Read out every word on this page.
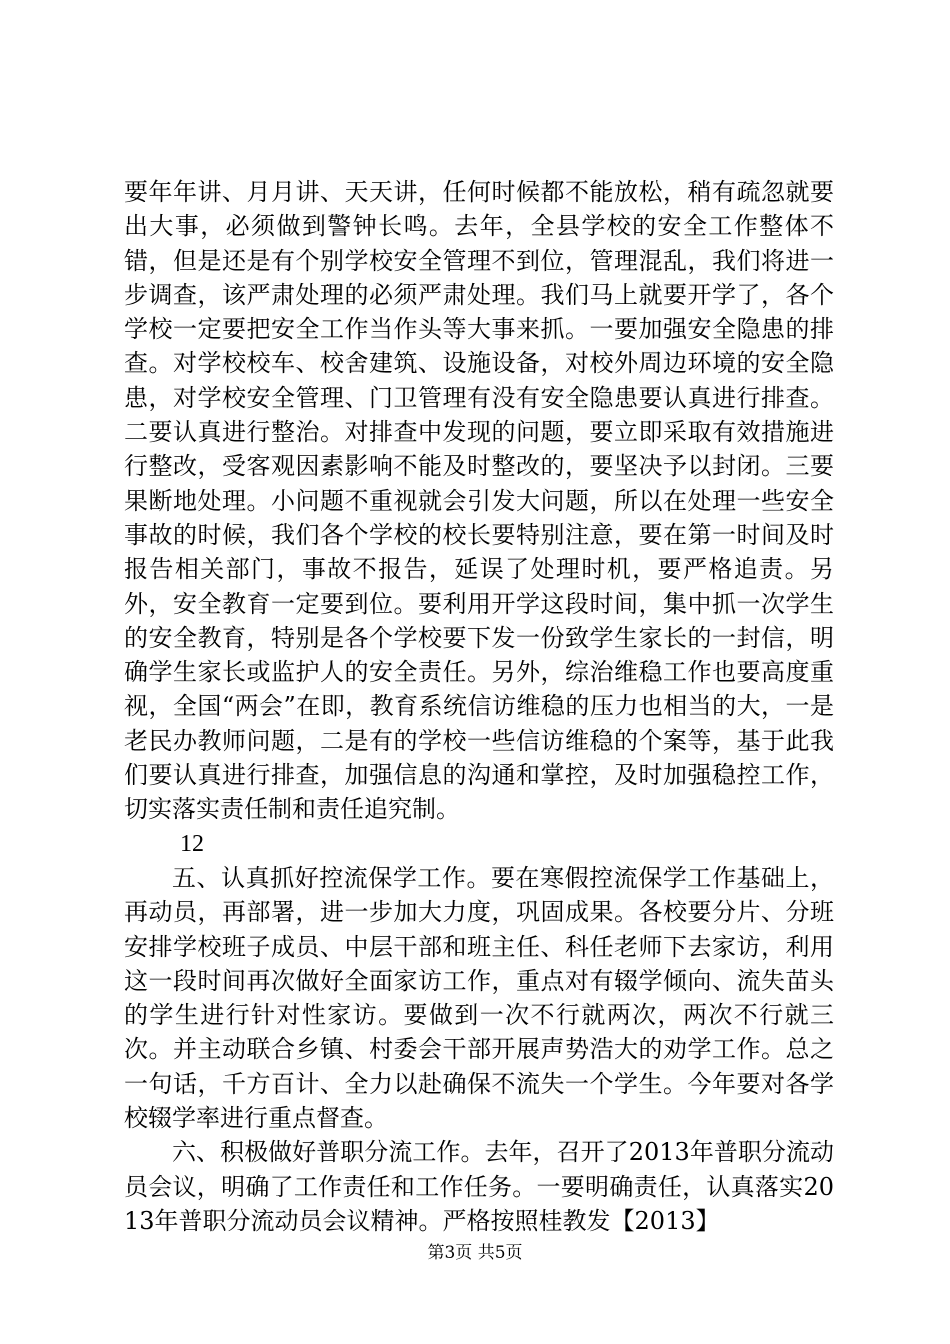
要年年讲、月月讲、天天讲，任何时候都不能放松，稍有疏忽就要出大事，必须做到警钟长鸣。去年，全县学校的安全工作整体不错，但是还是有个别学校安全管理不到位，管理混乱，我们将进一步调查，该严肃处理的必须严肃处理。我们马上就要开学了，各个学校一定要把安全工作当作头等大事来抓。一要加强安全隐患的排查。对学校校车、校舍建筑、设施设备，对校外周边环境的安全隐患，对学校安全管理、门卫管理有没有安全隐患要认真进行排查。二要认真进行整治。对排查中发现的问题，要立即采取有效措施进行整改，受客观因素影响不能及时整改的，要坚决予以封闭。三要果断地处理。小问题不重视就会引发大问题，所以在处理一些安全事故的时候，我们各个学校的校长要特别注意，要在第一时间及时报告相关部门，事故不报告，延误了处理时机，要严格追责。另外，安全教育一定要到位。要利用开学这段时间，集中抓一次学生的安全教育，特别是各个学校要下发一份致学生家长的一封信，明确学生家长或监护人的安全责任。另外，综治维稳工作也要高度重视，全国“两会”在即，教育系统信访维稳的压力也相当的大，一是老民办教师问题，二是有的学校一些信访维稳的个案等，基于此我们要认真进行排查，加强信息的沟通和掌控，及时加强稳控工作，切实落实责任制和责任追究制。

12

五、认真抓好控流保学工作。要在寒假控流保学工作基础上，再动员，再部署，进一步加大力度，巩固成果。各校要分片、分班安排学校班子成员、中层干部和班主任、科任老师下去家访，利用这一段时间再次做好全面家访工作，重点对有辍学倾向、流失苗头的学生进行针对性家访。要做到一次不行就两次，两次不行就三次。并主动联合乡镇、村委会干部开展声势浩大的劝学工作。总之一句话，千方百计、全力以赴确保不流失一个学生。今年要对各学校辍学率进行重点督查。

六、积极做好普职分流工作。去年，召开了2013年普职分流动员会议，明确了工作责任和工作任务。一要明确责任，认真落实2013年普职分流动员会议精神。严格按照桂教发【2013】

第3页 共5页
